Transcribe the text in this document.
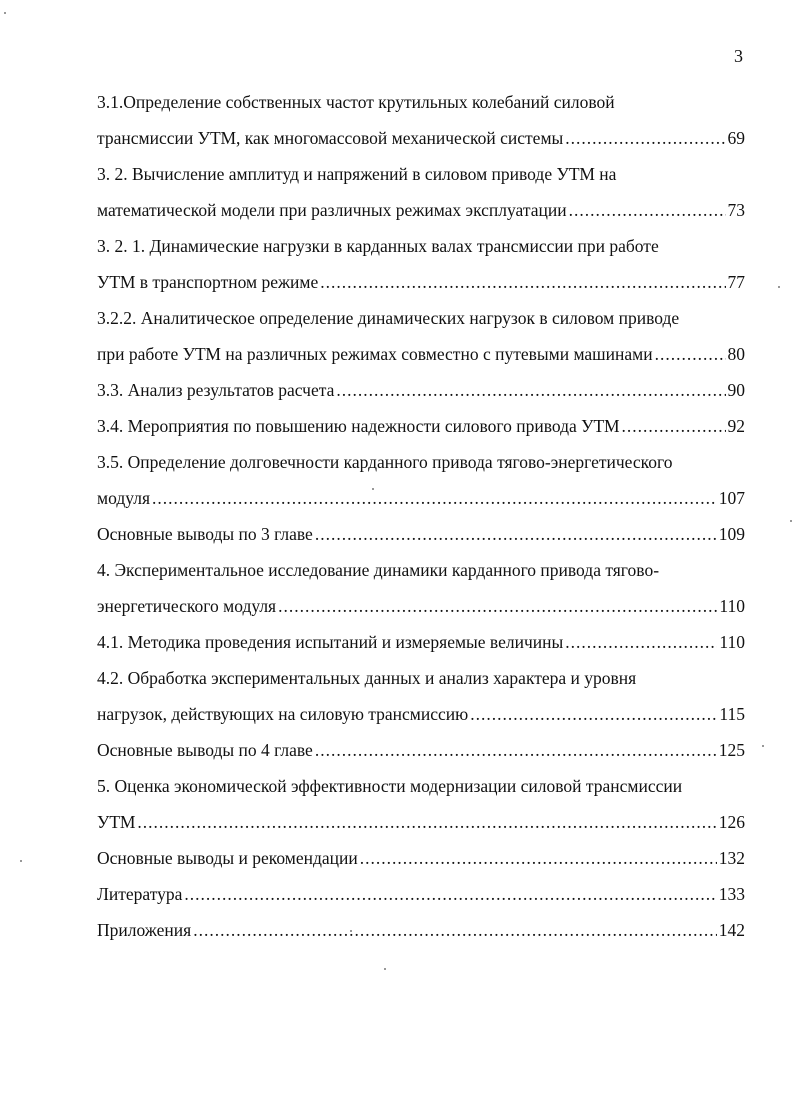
3
3.1.Определение собственных частот крутильных колебаний силовой
трансмиссии УТМ, как многомассовой механической системы .....	69
3. 2. Вычисление амплитуд и напряжений в силовом приводе УТМ на
математической модели при различных режимах эксплуатации .....	73
3. 2. 1. Динамические нагрузки в карданных валах трансмиссии при работе
УТМ в транспортном режиме .....	77
3.2.2. Аналитическое определение динамических нагрузок в силовом приводе
при работе УТМ на различных режимах совместно с путевыми машинами .....	80
3.3. Анализ результатов расчета .....	90
3.4. Мероприятия по повышению надежности силового привода УТМ .....	92
3.5. Определение долговечности карданного привода тягово-энергетического
модуля .....	107
Основные выводы по 3 главе .....	109
4. Экспериментальное исследование динамики карданного привода тягово-
энергетического модуля .....	110
4.1. Методика проведения испытаний и измеряемые величины .....	110
4.2. Обработка экспериментальных данных и анализ характера и уровня
нагрузок, действующих на силовую трансмиссию .....	115
Основные выводы по 4 главе .....	125
5. Оценка экономической эффективности модернизации силовой трансмиссии
УТМ .....	126
Основные выводы и рекомендации .....	132
Литература .....	133
Приложения .....	142
